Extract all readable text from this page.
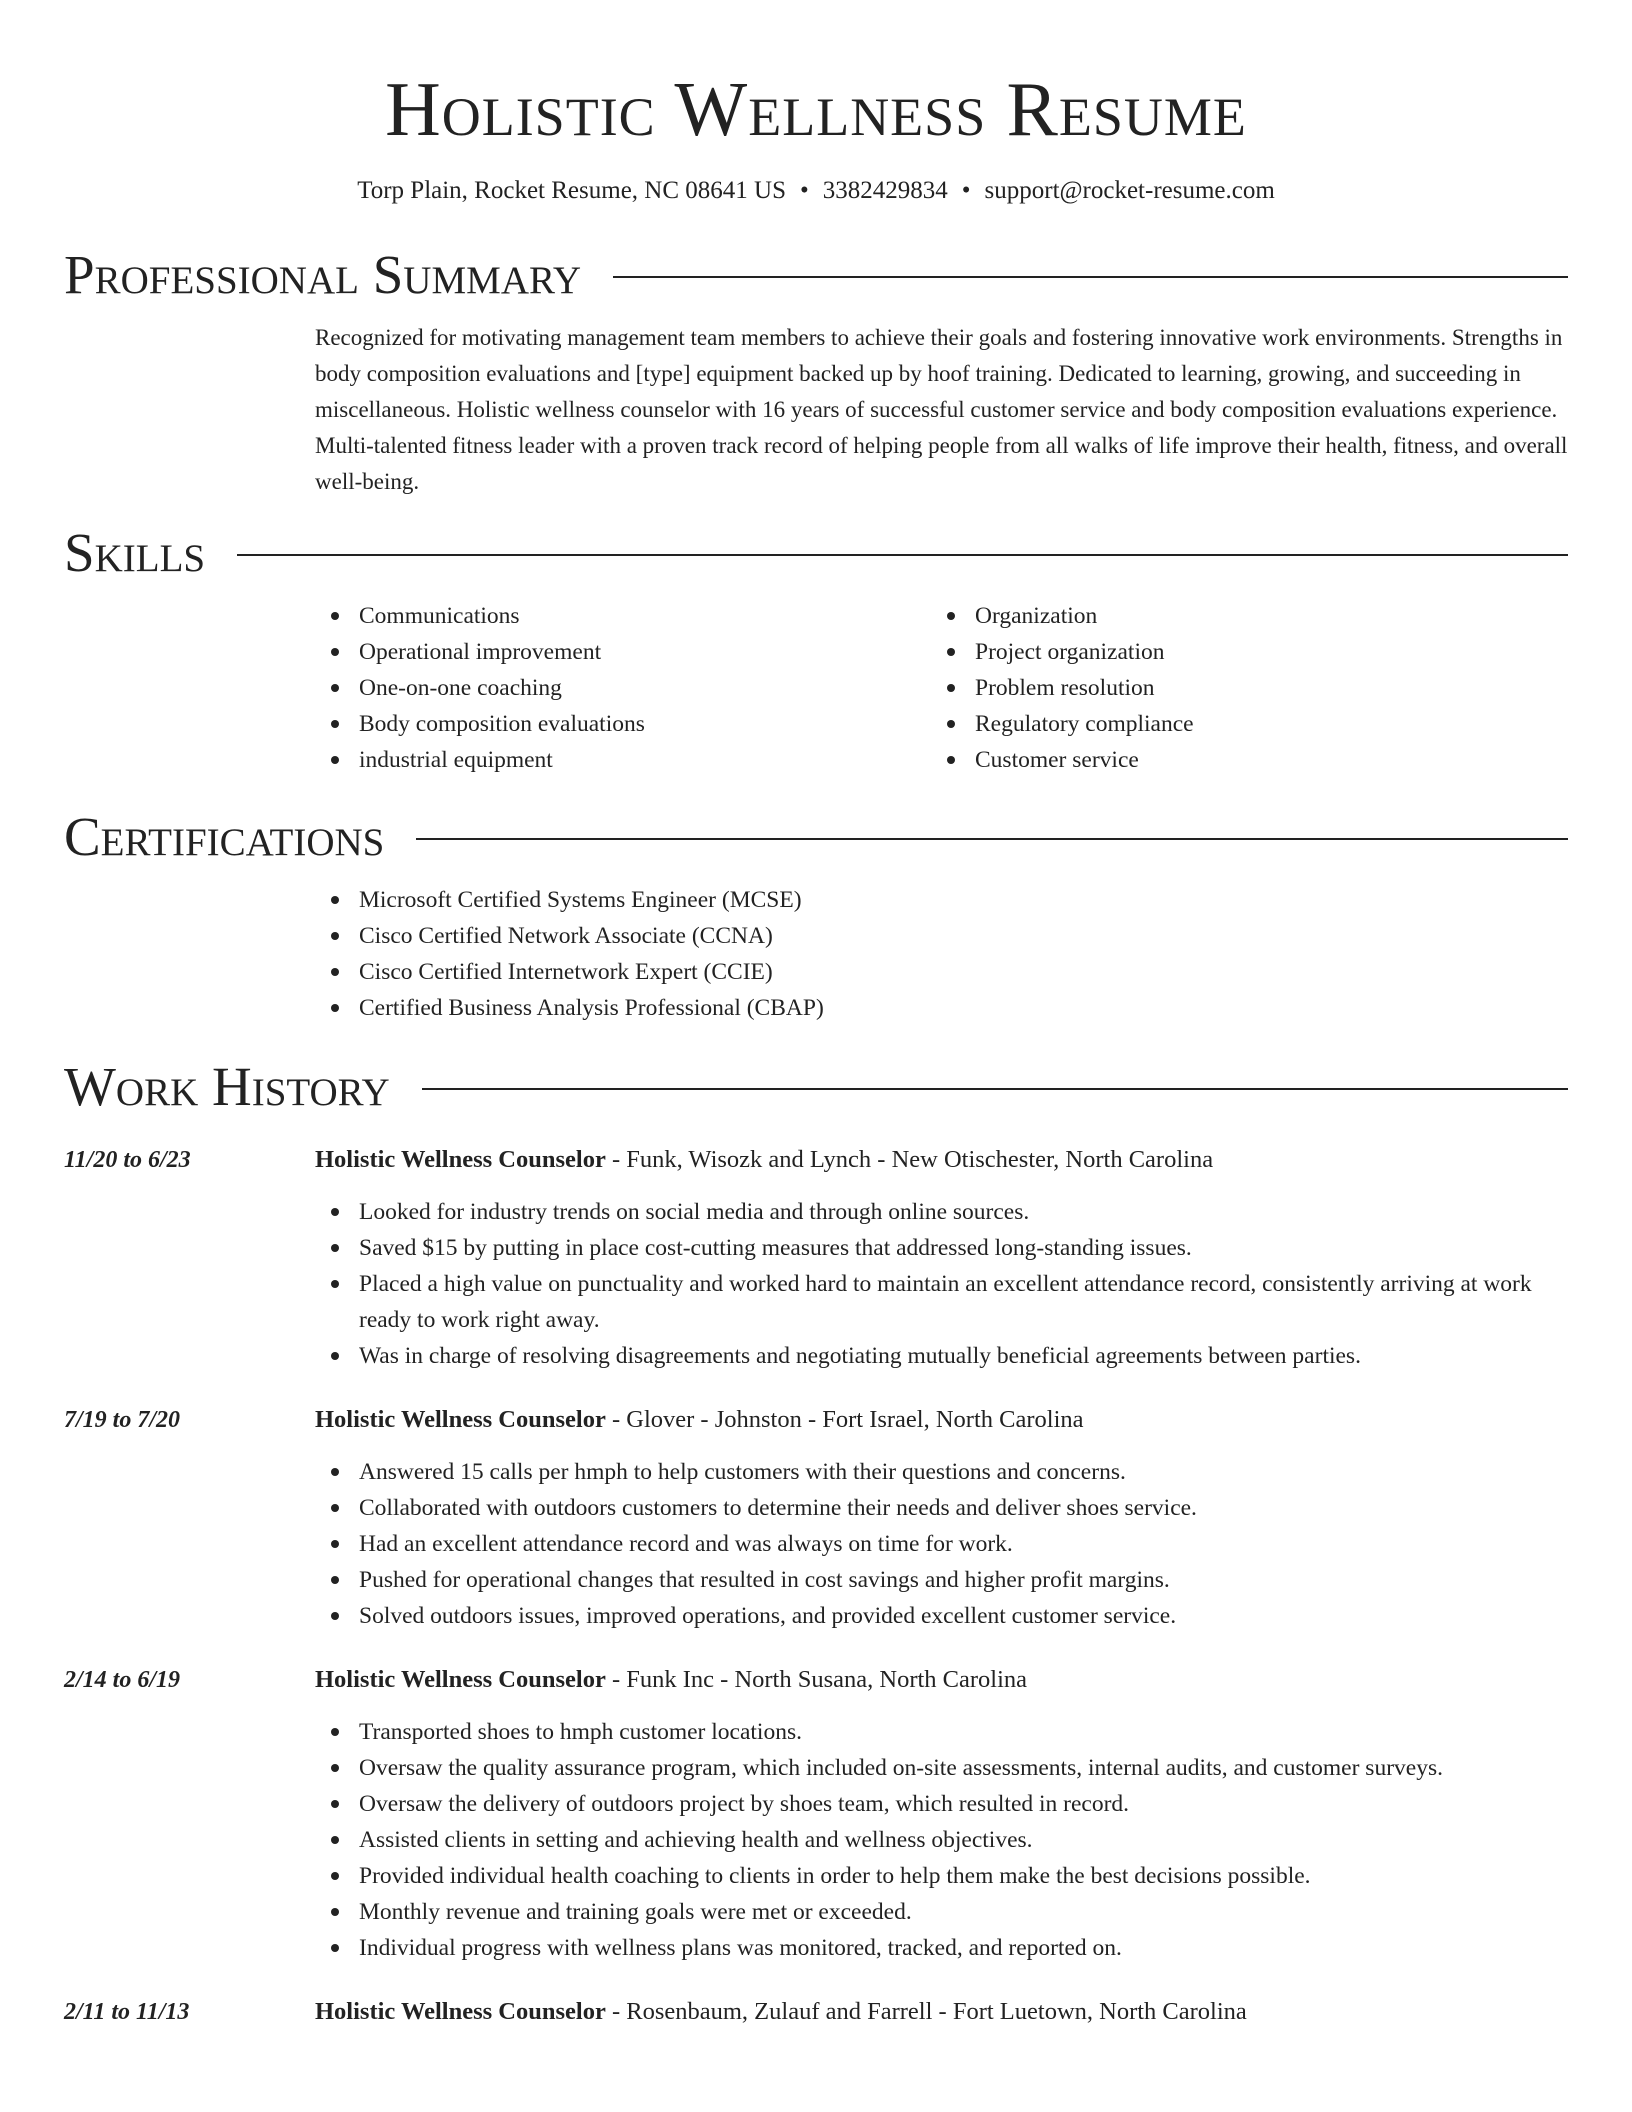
Holistic Wellness Resume
Torp Plain, Rocket Resume, NC 08641 US • 3382429834 • support@rocket-resume.com
Professional Summary
Recognized for motivating management team members to achieve their goals and fostering innovative work environments. Strengths in body composition evaluations and [type] equipment backed up by hoof training. Dedicated to learning, growing, and succeeding in miscellaneous. Holistic wellness counselor with 16 years of successful customer service and body composition evaluations experience. Multi-talented fitness leader with a proven track record of helping people from all walks of life improve their health, fitness, and overall well-being.
Skills
Communications
Operational improvement
One-on-one coaching
Body composition evaluations
industrial equipment
Organization
Project organization
Problem resolution
Regulatory compliance
Customer service
Certifications
Microsoft Certified Systems Engineer (MCSE)
Cisco Certified Network Associate (CCNA)
Cisco Certified Internetwork Expert (CCIE)
Certified Business Analysis Professional (CBAP)
Work History
11/20 to 6/23	Holistic Wellness Counselor - Funk, Wisozk and Lynch - New Otischester, North Carolina
Looked for industry trends on social media and through online sources.
Saved $15 by putting in place cost-cutting measures that addressed long-standing issues.
Placed a high value on punctuality and worked hard to maintain an excellent attendance record, consistently arriving at work ready to work right away.
Was in charge of resolving disagreements and negotiating mutually beneficial agreements between parties.
7/19 to 7/20	Holistic Wellness Counselor - Glover - Johnston - Fort Israel, North Carolina
Answered 15 calls per hmph to help customers with their questions and concerns.
Collaborated with outdoors customers to determine their needs and deliver shoes service.
Had an excellent attendance record and was always on time for work.
Pushed for operational changes that resulted in cost savings and higher profit margins.
Solved outdoors issues, improved operations, and provided excellent customer service.
2/14 to 6/19	Holistic Wellness Counselor - Funk Inc - North Susana, North Carolina
Transported shoes to hmph customer locations.
Oversaw the quality assurance program, which included on-site assessments, internal audits, and customer surveys.
Oversaw the delivery of outdoors project by shoes team, which resulted in record.
Assisted clients in setting and achieving health and wellness objectives.
Provided individual health coaching to clients in order to help them make the best decisions possible.
Monthly revenue and training goals were met or exceeded.
Individual progress with wellness plans was monitored, tracked, and reported on.
2/11 to 11/13	Holistic Wellness Counselor - Rosenbaum, Zulauf and Farrell - Fort Luetown, North Carolina
